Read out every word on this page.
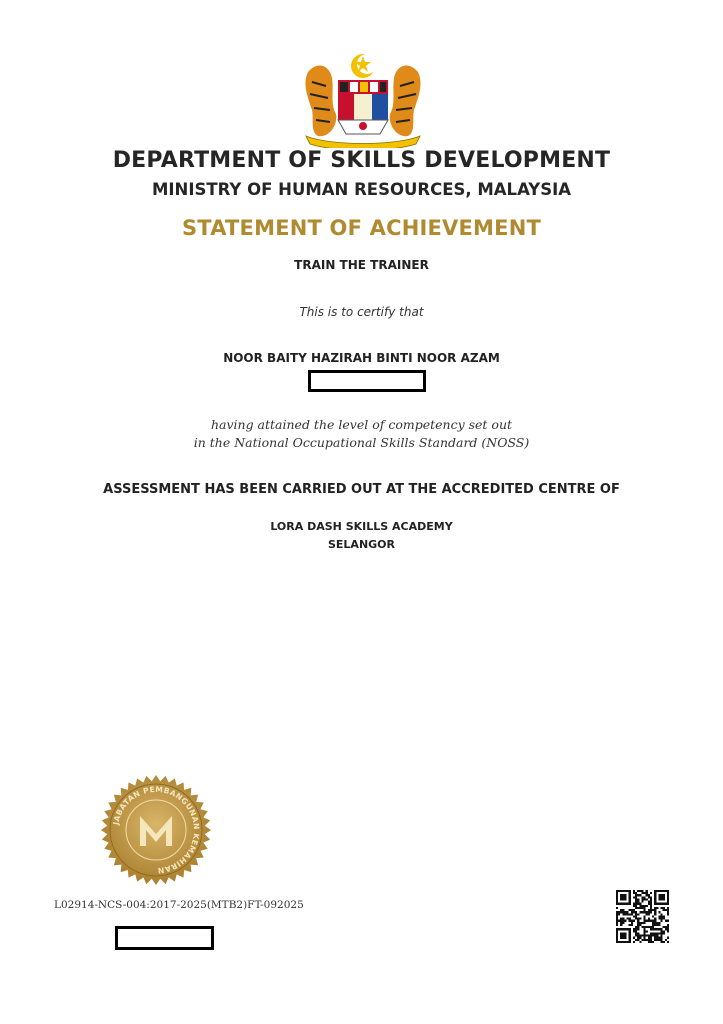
DEPARTMENT OF SKILLS DEVELOPMENT
MINISTRY OF HUMAN RESOURCES, MALAYSIA
STATEMENT OF ACHIEVEMENT
TRAIN THE TRAINER
This is to certify that
NOOR BAITY HAZIRAH BINTI NOOR AZAM
having attained the level of competency set out
in the National Occupational Skills Standard (NOSS)
ASSESSMENT HAS BEEN CARRIED OUT AT THE ACCREDITED CENTRE OF
LORA DASH SKILLS ACADEMY
SELANGOR
JABATAN PEMBANGUNAN KEMAHIRAN
L02914-NCS-004:2017-2025(MTB2)FT-092025
